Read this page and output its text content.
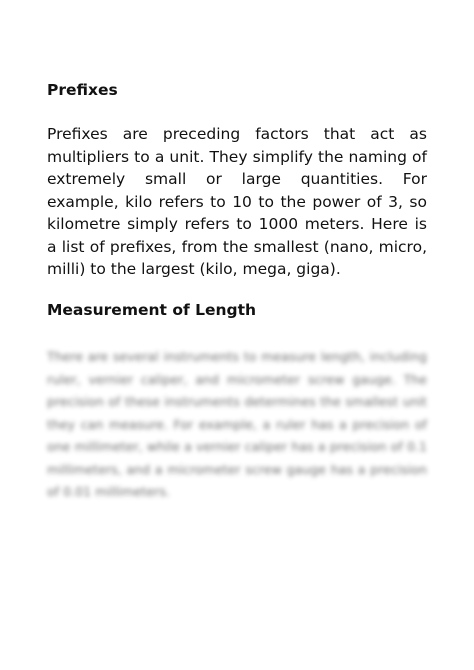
Prefixes

Prefixes are preceding factors that act as multipliers to a unit. They simplify the naming of extremely small or large quantities. For example, kilo refers to 10 to the power of 3, so kilometre simply refers to 1000 meters. Here is a list of prefixes, from the smallest (nano, micro, milli) to the largest (kilo, mega, giga).

Measurement of Length

There are several instruments to measure length, including ruler, vernier caliper, and micrometer screw gauge. The precision of these instruments determines the smallest unit they can measure. For example, a ruler has a precision of one millimeter, while a vernier caliper has a precision of 0.1 millimeters, and a micrometer screw gauge has a precision of 0.01 millimeters.
